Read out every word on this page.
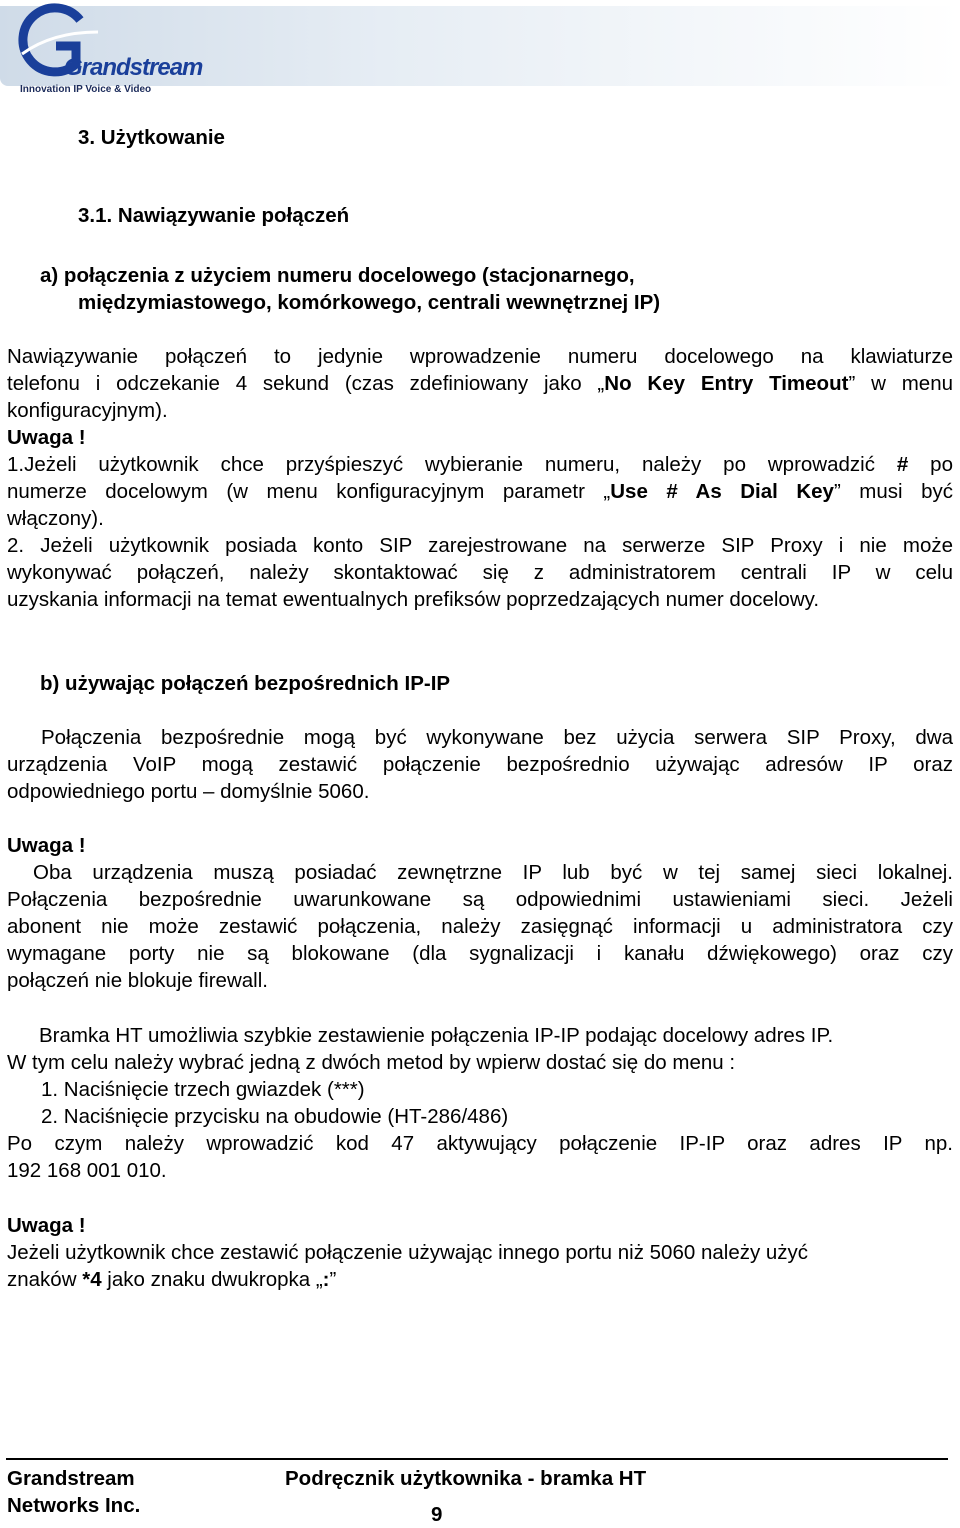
Grandstream
Innovation IP Voice & Video
3. Użytkowanie
3.1. Nawiązywanie połączeń

a) połączenia z użyciem numeru docelowego (stacjonarnego,

międzymiastowego, komórkowego, centrali wewnętrznej IP)

Nawiązywanie połączeń to jedynie wprowadzenie numeru docelowego na klawiaturze

telefonu i odczekanie 4 sekund (czas zdefiniowany jako „No Key Entry Timeout” w menu

konfiguracyjnym).

Uwaga !

1.Jeżeli użytkownik chce przyśpieszyć wybieranie numeru, należy po wprowadzić # po

numerze docelowym (w menu konfiguracyjnym parametr „Use # As Dial Key” musi być

włączony).

2. Jeżeli użytkownik posiada konto SIP zarejestrowane na serwerze SIP Proxy i nie może

wykonywać połączeń, należy skontaktować się z administratorem centrali IP w celu

uzyskania informacji na temat ewentualnych prefiksów poprzedzających numer docelowy.

b) używając połączeń bezpośrednich IP-IP

Połączenia bezpośrednie mogą być wykonywane bez użycia serwera SIP Proxy, dwa

urządzenia VoIP mogą zestawić połączenie bezpośrednio używając adresów IP oraz

odpowiedniego portu – domyślnie 5060.

Uwaga !

Oba urządzenia muszą posiadać zewnętrzne IP lub być w tej samej sieci lokalnej.

Połączenia bezpośrednie uwarunkowane są odpowiednimi ustawieniami sieci. Jeżeli

abonent nie może zestawić połączenia, należy zasięgnąć informacji u administratora czy

wymagane porty nie są blokowane (dla sygnalizacji i kanału dźwiękowego) oraz czy

połączeń nie blokuje firewall.

Bramka HT umożliwia szybkie zestawienie połączenia IP-IP podając docelowy adres IP.

W tym celu należy wybrać jedną z dwóch metod by wpierw dostać się do menu :

1. Naciśnięcie trzech gwiazdek (***)

2. Naciśnięcie przycisku na obudowie (HT-286/486)

Po czym należy wprowadzić kod 47 aktywujący połączenie IP-IP oraz adres IP np.

192 168 001 010.

Uwaga !

Jeżeli użytkownik chce zestawić połączenie używając innego portu niż 5060 należy użyć

znaków *4 jako znaku dwukropka „:”

Grandstream

Networks Inc.

Podręcznik użytkownika - bramka HT
9
